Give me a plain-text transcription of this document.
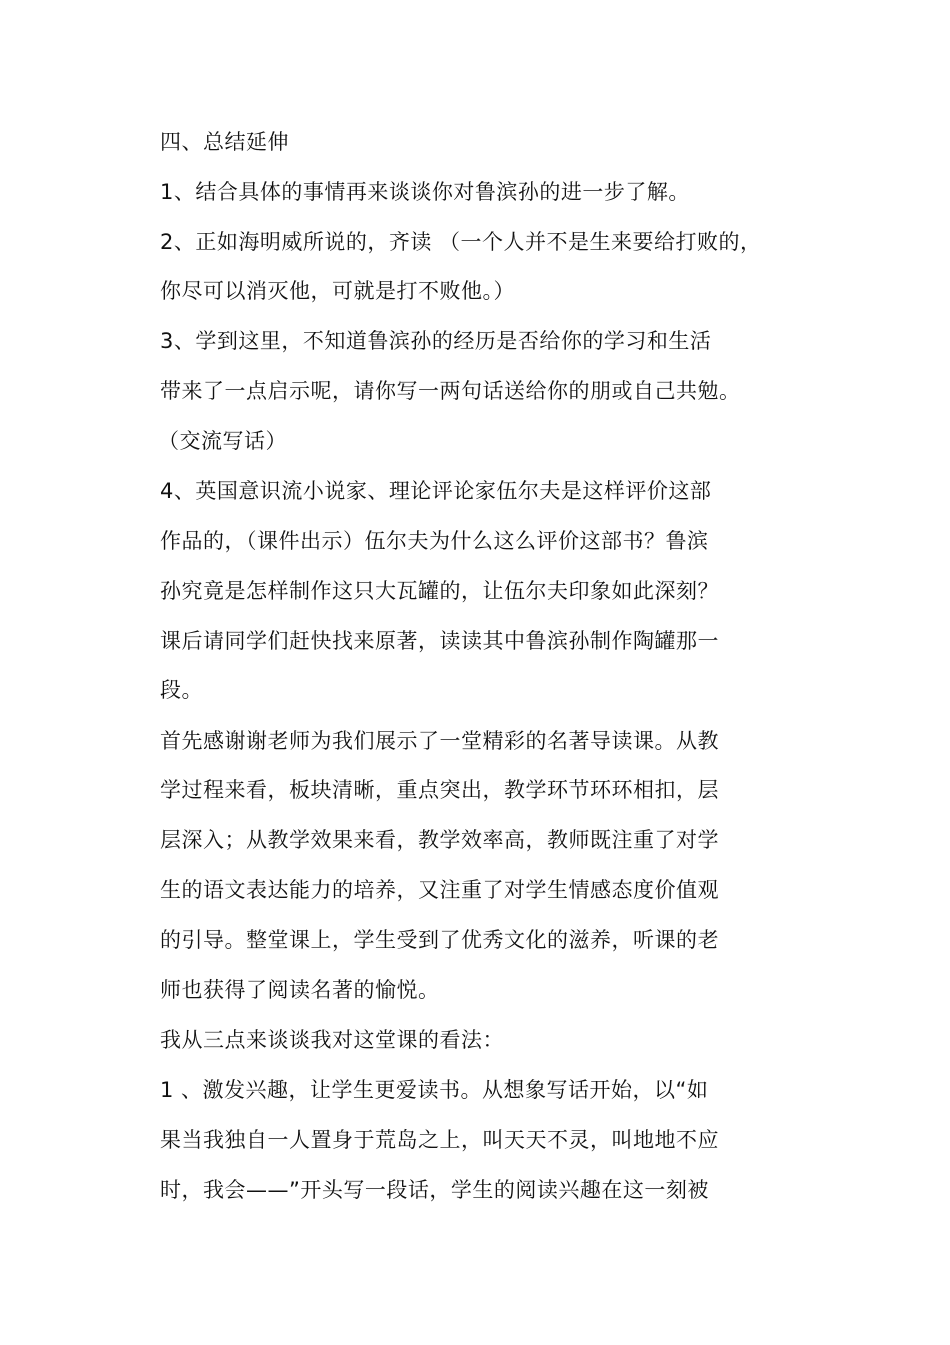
四、总结延伸
1、结合具体的事情再来谈谈你对鲁滨孙的进一步了解。
2、正如海明威所说的，齐读 （一个人并不是生来要给打败的，
你尽可以消灭他，可就是打不败他。）
3、学到这里，不知道鲁滨孙的经历是否给你的学习和生活
带来了一点启示呢，请你写一两句话送给你的朋或自己共勉。
（交流写话）
4、英国意识流小说家、理论评论家伍尔夫是这样评价这部
作品的，（课件出示）伍尔夫为什么这么评价这部书？鲁滨
孙究竟是怎样制作这只大瓦罐的，让伍尔夫印象如此深刻？
课后请同学们赶快找来原著，读读其中鲁滨孙制作陶罐那一
段。
首先感谢谢老师为我们展示了一堂精彩的名著导读课。从教
学过程来看，板块清晰，重点突出，教学环节环环相扣，层
层深入；从教学效果来看，教学效率高，教师既注重了对学
生的语文表达能力的培养，又注重了对学生情感态度价值观
的引导。整堂课上，学生受到了优秀文化的滋养，听课的老
师也获得了阅读名著的愉悦。
我从三点来谈谈我对这堂课的看法：
1 、激发兴趣，让学生更爱读书。从想象写话开始，以“如
果当我独自一人置身于荒岛之上，叫天天不灵，叫地地不应
时，我会——”开头写一段话，学生的阅读兴趣在这一刻被
